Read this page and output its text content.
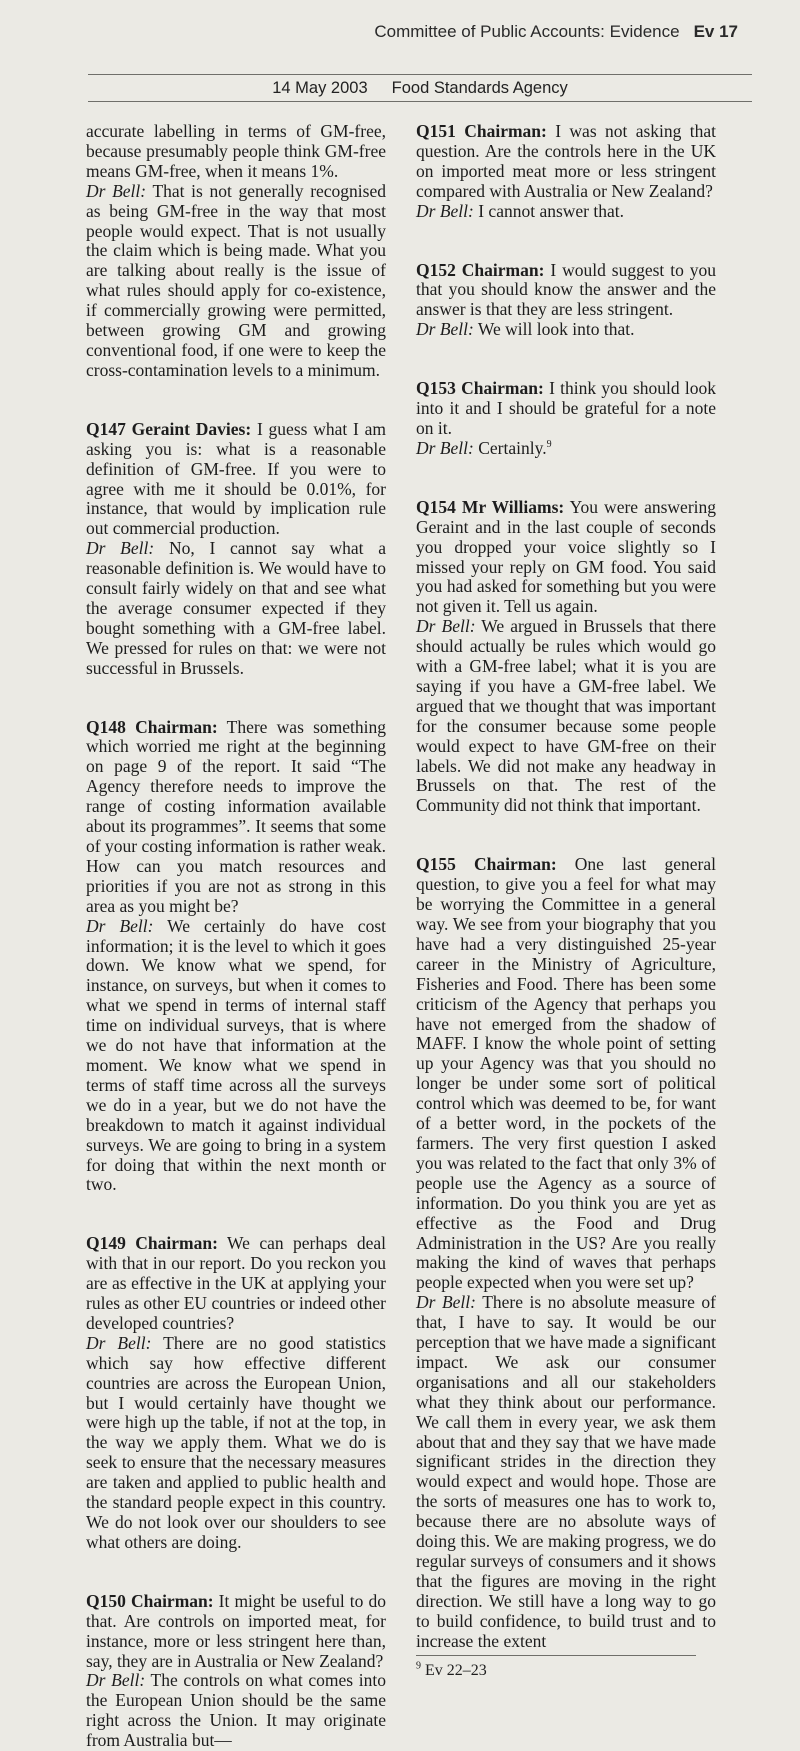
Committee of Public Accounts: Evidence Ev 17
14 May 2003 Food Standards Agency

accurate labelling in terms of GM-free, because presumably people think GM-free means GM-free, when it means 1%.

Dr Bell: That is not generally recognised as being GM-free in the way that most people would expect. That is not usually the claim which is being made. What you are talking about really is the issue of what rules should apply for co-existence, if commercially growing were permitted, between growing GM and growing conventional food, if one were to keep the cross-contamination levels to a minimum.

Q147 Geraint Davies: I guess what I am asking you is: what is a reasonable definition of GM-free. If you were to agree with me it should be 0.01%, for instance, that would by implication rule out commercial production.

Dr Bell: No, I cannot say what a reasonable definition is. We would have to consult fairly widely on that and see what the average consumer expected if they bought something with a GM-free label. We pressed for rules on that: we were not successful in Brussels.

Q148 Chairman: There was something which worried me right at the beginning on page 9 of the report. It said “The Agency therefore needs to improve the range of costing information available about its programmes”. It seems that some of your costing information is rather weak. How can you match resources and priorities if you are not as strong in this area as you might be?

Dr Bell: We certainly do have cost information; it is the level to which it goes down. We know what we spend, for instance, on surveys, but when it comes to what we spend in terms of internal staff time on individual surveys, that is where we do not have that information at the moment. We know what we spend in terms of staff time across all the surveys we do in a year, but we do not have the breakdown to match it against individual surveys. We are going to bring in a system for doing that within the next month or two.

Q149 Chairman: We can perhaps deal with that in our report. Do you reckon you are as effective in the UK at applying your rules as other EU countries or indeed other developed countries?

Dr Bell: There are no good statistics which say how effective different countries are across the European Union, but I would certainly have thought we were high up the table, if not at the top, in the way we apply them. What we do is seek to ensure that the necessary measures are taken and applied to public health and the standard people expect in this country. We do not look over our shoulders to see what others are doing.

Q150 Chairman: It might be useful to do that. Are controls on imported meat, for instance, more or less stringent here than, say, they are in Australia or New Zealand?

Dr Bell: The controls on what comes into the European Union should be the same right across the Union. It may originate from Australia but—

Q151 Chairman: I was not asking that question. Are the controls here in the UK on imported meat more or less stringent compared with Australia or New Zealand?

Dr Bell: I cannot answer that.

Q152 Chairman: I would suggest to you that you should know the answer and the answer is that they are less stringent.

Dr Bell: We will look into that.

Q153 Chairman: I think you should look into it and I should be grateful for a note on it.

Dr Bell: Certainly.$^9$

Q154 Mr Williams: You were answering Geraint and in the last couple of seconds you dropped your voice slightly so I missed your reply on GM food. You said you had asked for something but you were not given it. Tell us again.

Dr Bell: We argued in Brussels that there should actually be rules which would go with a GM-free label; what it is you are saying if you have a GM-free label. We argued that we thought that was important for the consumer because some people would expect to have GM-free on their labels. We did not make any headway in Brussels on that. The rest of the Community did not think that important.

Q155 Chairman: One last general question, to give you a feel for what may be worrying the Committee in a general way. We see from your biography that you have had a very distinguished 25-year career in the Ministry of Agriculture, Fisheries and Food. There has been some criticism of the Agency that perhaps you have not emerged from the shadow of MAFF. I know the whole point of setting up your Agency was that you should no longer be under some sort of political control which was deemed to be, for want of a better word, in the pockets of the farmers. The very first question I asked you was related to the fact that only 3% of people use the Agency as a source of information. Do you think you are yet as effective as the Food and Drug Administration in the US? Are you really making the kind of waves that perhaps people expected when you were set up?

Dr Bell: There is no absolute measure of that, I have to say. It would be our perception that we have made a significant impact. We ask our consumer organisations and all our stakeholders what they think about our performance. We call them in every year, we ask them about that and they say that we have made significant strides in the direction they would expect and would hope. Those are the sorts of measures one has to work to, because there are no absolute ways of doing this. We are making progress, we do regular surveys of consumers and it shows that the figures are moving in the right direction. We still have a long way to go to build confidence, to build trust and to increase the extent

$^9$ Ev 22–23
